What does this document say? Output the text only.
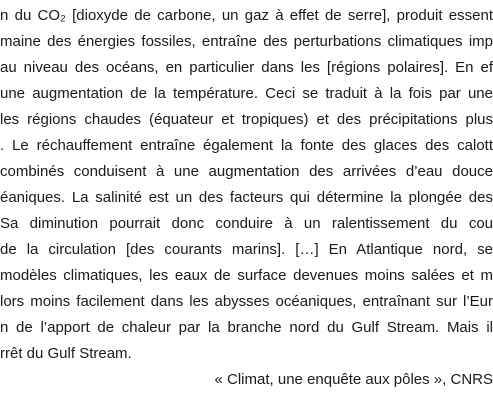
n du CO₂ [dioxyde de carbone, un gaz à effet de serre], produit essent
maine des énergies fossiles, entraîne des perturbations climatiques imp
au niveau des océans, en particulier dans les [régions polaires]. En ef
une augmentation de la température. Ceci se traduit à la fois par une
les régions chaudes (équateur et tropiques) et des précipitations plus
. Le réchauffement entraîne également la fonte des glaces des calott
combinés conduisent à une augmentation des arrivées d’eau douce
éaniques. La salinité est un des facteurs qui détermine la plongée des
Sa diminution pourrait donc conduire à un ralentissement du cou
de la circulation [des courants marins]. […] En Atlantique nord, se
modèles climatiques, les eaux de surface devenues moins salées et m
lors moins facilement dans les abysses océaniques, entraînant sur l’Eur
n de l’apport de chaleur par la branche nord du Gulf Stream. Mais il
rrêt du Gulf Stream.
« Climat, une enquête aux pôles », CNRS
